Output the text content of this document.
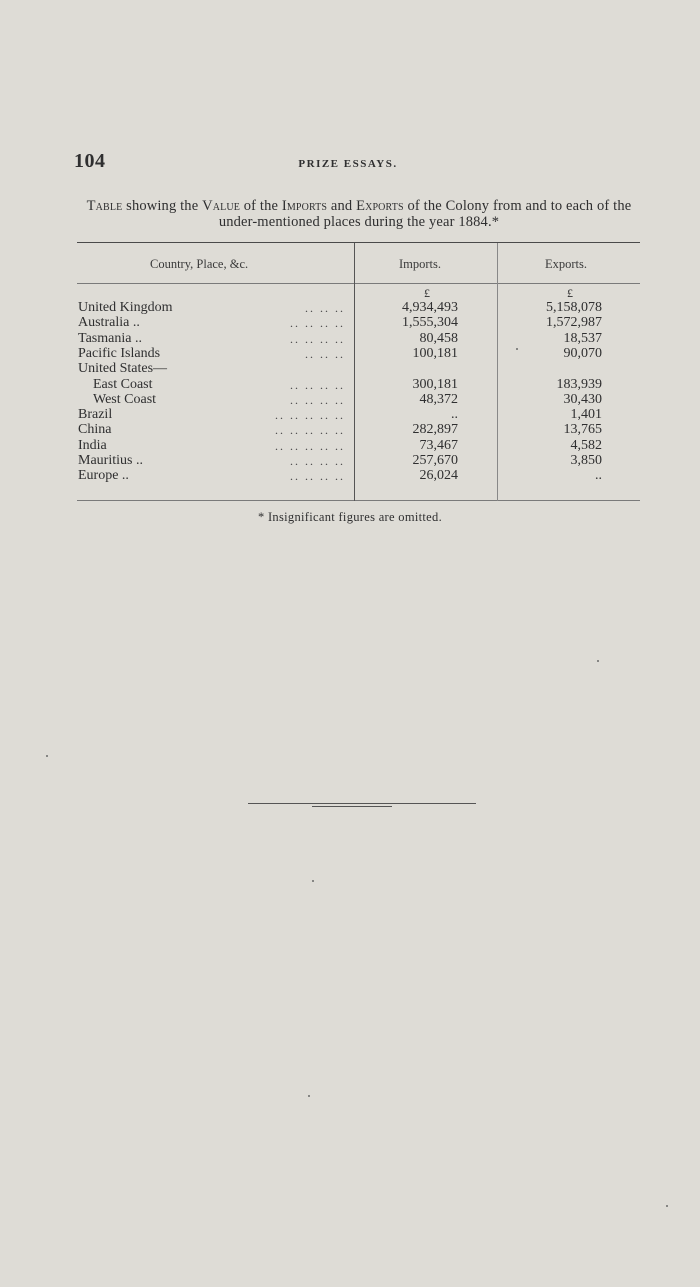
104	PRIZE ESSAYS.
Table showing the Value of the Imports and Exports of the Colony from and to each of the under-mentioned places during the year 1884.*
Country, Place, &c.	Imports.	Exports.
£	£
United Kingdom	.. .. ..	4,934,493	5,158,078
Australia ..	.. .. .. ..	1,555,304	1,572,987
Tasmania ..	.. .. .. ..	80,458	18,537
Pacific Islands	.. .. ..	100,181	90,070
United States—
East Coast	.. .. .. ..	300,181	183,939
West Coast	.. .. .. ..	48,372	30,430
Brazil	.. .. .. .. ..	..	1,401
China	.. .. .. .. ..	282,897	13,765
India	.. .. .. .. ..	73,467	4,582
Mauritius ..	.. .. .. ..	257,670	3,850
Europe ..	.. .. .. ..	26,024	..
* Insignificant figures are omitted.
